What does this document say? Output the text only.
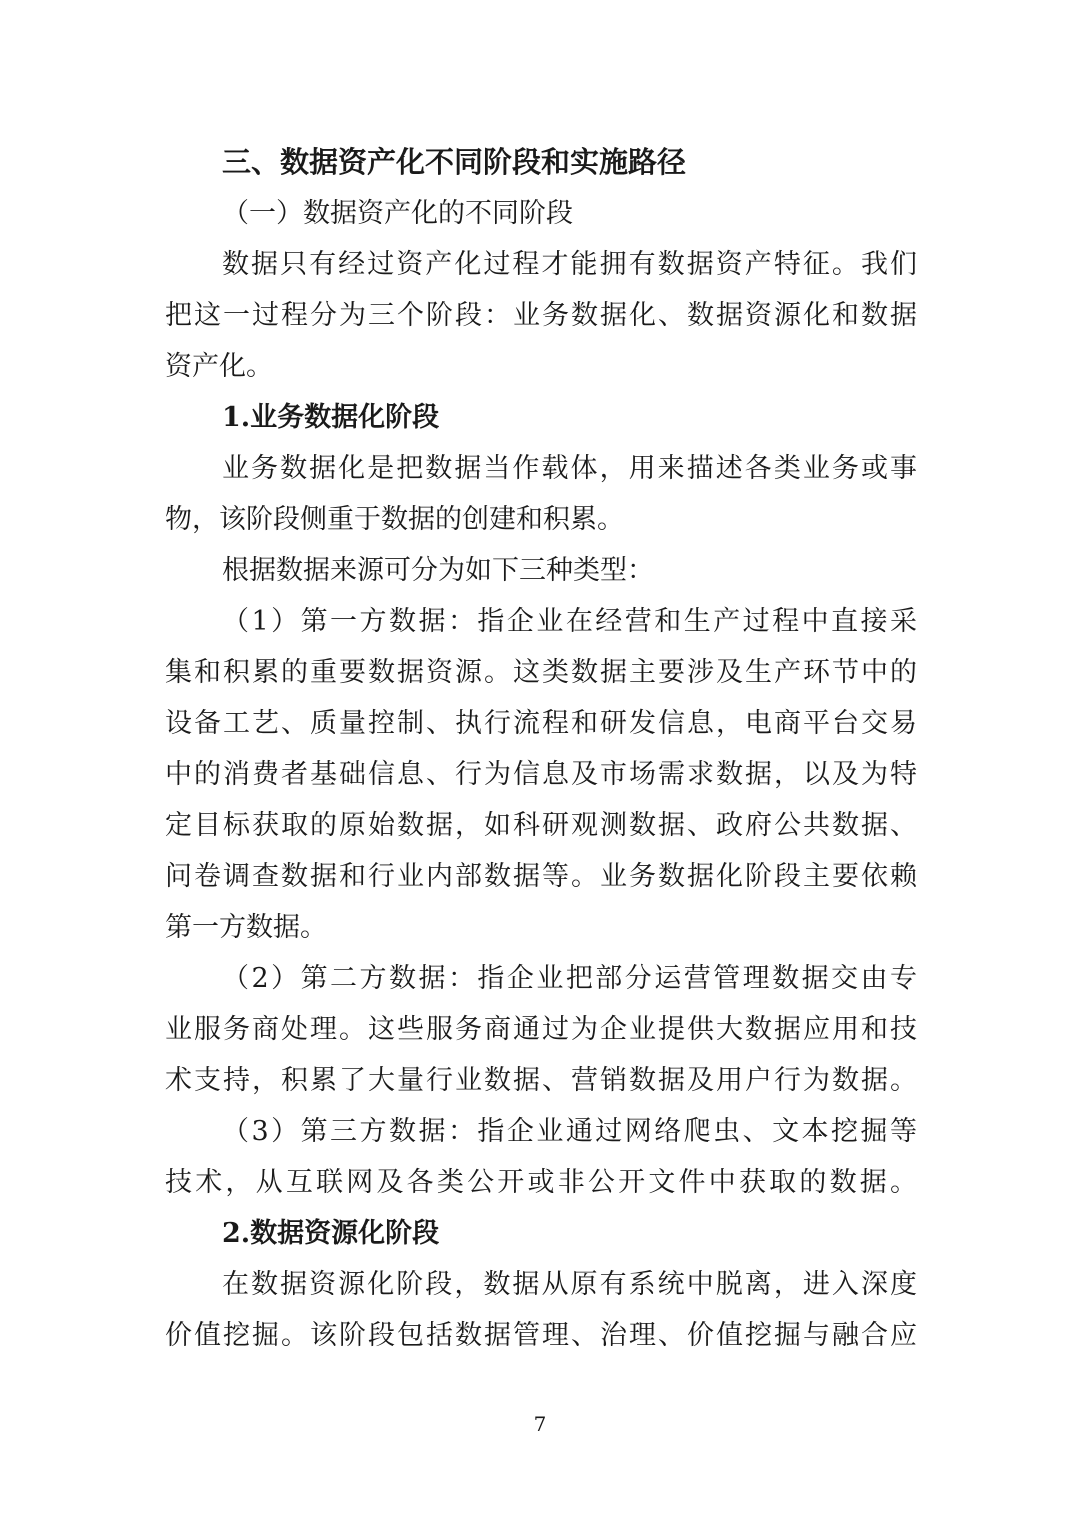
三、数据资产化不同阶段和实施路径
（一）数据资产化的不同阶段
数据只有经过资产化过程才能拥有数据资产特征。我们
把这一过程分为三个阶段：业务数据化、数据资源化和数据
资产化。
1.业务数据化阶段
业务数据化是把数据当作载体，用来描述各类业务或事
物，该阶段侧重于数据的创建和积累。
根据数据来源可分为如下三种类型：
（1）第一方数据：指企业在经营和生产过程中直接采
集和积累的重要数据资源。这类数据主要涉及生产环节中的
设备工艺、质量控制、执行流程和研发信息，电商平台交易
中的消费者基础信息、行为信息及市场需求数据，以及为特
定目标获取的原始数据，如科研观测数据、政府公共数据、
问卷调查数据和行业内部数据等。业务数据化阶段主要依赖
第一方数据。
（2）第二方数据：指企业把部分运营管理数据交由专
业服务商处理。这些服务商通过为企业提供大数据应用和技
术支持，积累了大量行业数据、营销数据及用户行为数据。
（3）第三方数据：指企业通过网络爬虫、文本挖掘等
技术，从互联网及各类公开或非公开文件中获取的数据。
2.数据资源化阶段
在数据资源化阶段，数据从原有系统中脱离，进入深度
价值挖掘。该阶段包括数据管理、治理、价值挖掘与融合应
7
